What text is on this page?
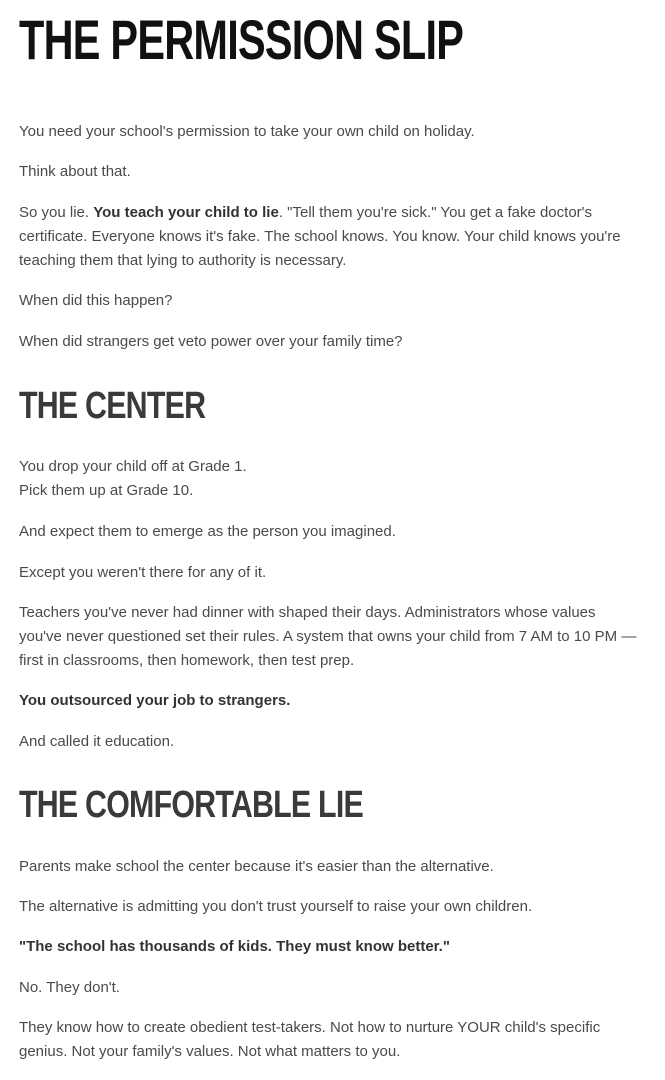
THE PERMISSION SLIP

You need your school's permission to take your own child on holiday.

Think about that.

So you lie. You teach your child to lie. "Tell them you're sick." You get a fake doctor's certificate. Everyone knows it's fake. The school knows. You know. Your child knows you're teaching them that lying to authority is necessary.

When did this happen?

When did strangers get veto power over your family time?

THE CENTER

You drop your child off at Grade 1.
Pick them up at Grade 10.

And expect them to emerge as the person you imagined.

Except you weren't there for any of it.

Teachers you've never had dinner with shaped their days. Administrators whose values you've never questioned set their rules. A system that owns your child from 7 AM to 10 PM — first in classrooms, then homework, then test prep.

You outsourced your job to strangers.

And called it education.

THE COMFORTABLE LIE

Parents make school the center because it's easier than the alternative.

The alternative is admitting you don't trust yourself to raise your own children.

"The school has thousands of kids. They must know better."

No. They don't.

They know how to create obedient test-takers. Not how to nurture YOUR child's specific genius. Not your family's values. Not what matters to you.
